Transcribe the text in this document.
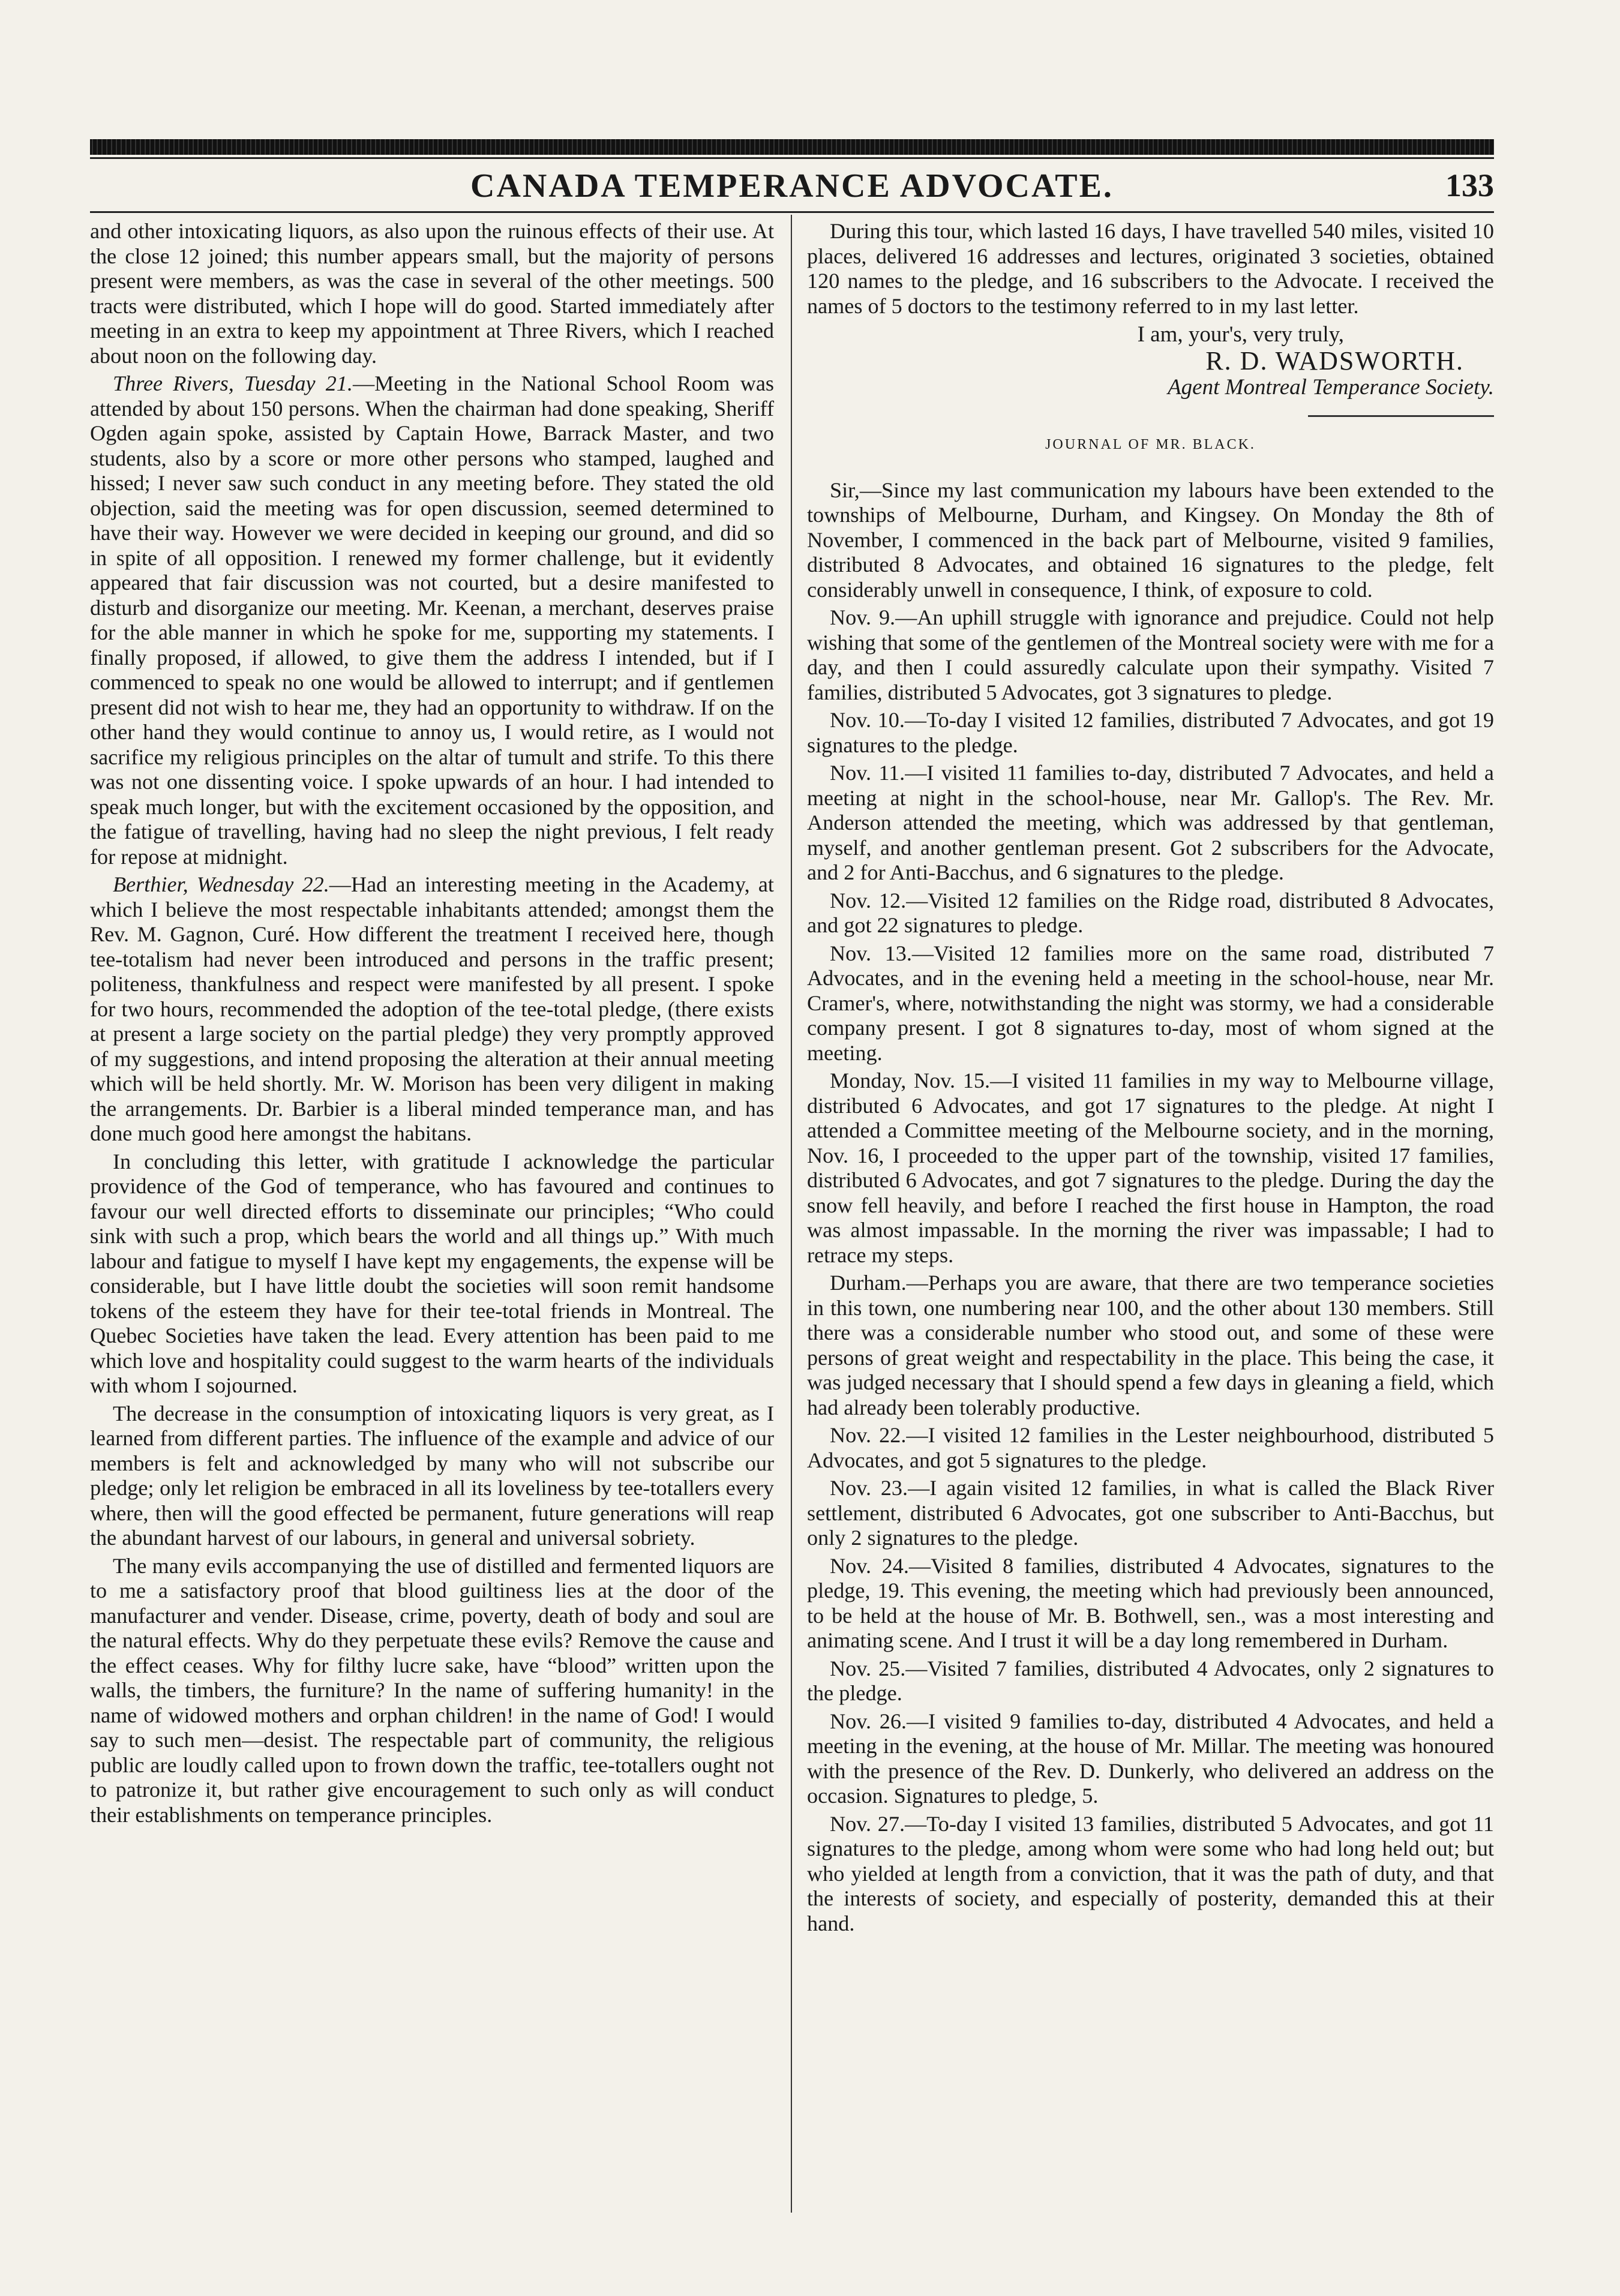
CANADA TEMPERANCE ADVOCATE.	133

and other intoxicating liquors, as also upon the ruinous effects of their use. At the close 12 joined; this number appears small, but the majority of persons present were members, as was the case in several of the other meetings. 500 tracts were distributed, which I hope will do good. Started immediately after meeting in an extra to keep my appointment at Three Rivers, which I reached about noon on the following day.

Three Rivers, Tuesday 21.—Meeting in the National School Room was attended by about 150 persons. When the chairman had done speaking, Sheriff Ogden again spoke, assisted by Captain Howe, Barrack Master, and two students, also by a score or more other persons who stamped, laughed and hissed; I never saw such conduct in any meeting before. They stated the old objection, said the meeting was for open discussion, seemed determined to have their way. However we were decided in keeping our ground, and did so in spite of all opposition. I renewed my former challenge, but it evidently appeared that fair discussion was not courted, but a desire manifested to disturb and disorganize our meeting. Mr. Keenan, a merchant, deserves praise for the able manner in which he spoke for me, supporting my statements. I finally proposed, if allowed, to give them the address I intended, but if I commenced to speak no one would be allowed to interrupt; and if gentlemen present did not wish to hear me, they had an opportunity to withdraw. If on the other hand they would continue to annoy us, I would retire, as I would not sacrifice my religious principles on the altar of tumult and strife. To this there was not one dissenting voice. I spoke upwards of an hour. I had intended to speak much longer, but with the excitement occasioned by the opposition, and the fatigue of travelling, having had no sleep the night previous, I felt ready for repose at midnight.

Berthier, Wednesday 22.—Had an interesting meeting in the Academy, at which I believe the most respectable inhabitants attended; amongst them the Rev. M. Gagnon, Curé. How different the treatment I received here, though tee-totalism had never been introduced and persons in the traffic present; politeness, thankfulness and respect were manifested by all present. I spoke for two hours, recommended the adoption of the tee-total pledge, (there exists at present a large society on the partial pledge) they very promptly approved of my suggestions, and intend proposing the alteration at their annual meeting which will be held shortly. Mr. W. Morison has been very diligent in making the arrangements. Dr. Barbier is a liberal minded temperance man, and has done much good here amongst the habitans.

In concluding this letter, with gratitude I acknowledge the particular providence of the God of temperance, who has favoured and continues to favour our well directed efforts to disseminate our principles; “Who could sink with such a prop, which bears the world and all things up.” With much labour and fatigue to myself I have kept my engagements, the expense will be considerable, but I have little doubt the societies will soon remit handsome tokens of the esteem they have for their tee-total friends in Montreal. The Quebec Societies have taken the lead. Every attention has been paid to me which love and hospitality could suggest to the warm hearts of the individuals with whom I sojourned.

The decrease in the consumption of intoxicating liquors is very great, as I learned from different parties. The influence of the example and advice of our members is felt and acknowledged by many who will not subscribe our pledge; only let religion be embraced in all its loveliness by tee-totallers every where, then will the good effected be permanent, future generations will reap the abundant harvest of our labours, in general and universal sobriety.

The many evils accompanying the use of distilled and fermented liquors are to me a satisfactory proof that blood guiltiness lies at the door of the manufacturer and vender. Disease, crime, poverty, death of body and soul are the natural effects. Why do they perpetuate these evils? Remove the cause and the effect ceases. Why for filthy lucre sake, have “blood” written upon the walls, the timbers, the furniture? In the name of suffering humanity! in the name of widowed mothers and orphan children! in the name of God! I would say to such men—desist. The respectable part of community, the religious public are loudly called upon to frown down the traffic, tee-totallers ought not to patronize it, but rather give encouragement to such only as will conduct their establishments on temperance principles.

During this tour, which lasted 16 days, I have travelled 540 miles, visited 10 places, delivered 16 addresses and lectures, originated 3 societies, obtained 120 names to the pledge, and 16 subscribers to the Advocate. I received the names of 5 doctors to the testimony referred to in my last letter.

I am, your's, very truly,
R. D. WADSWORTH.
Agent Montreal Temperance Society.
JOURNAL OF MR. BLACK.

Sir,—Since my last communication my labours have been extended to the townships of Melbourne, Durham, and Kingsey. On Monday the 8th of November, I commenced in the back part of Melbourne, visited 9 families, distributed 8 Advocates, and obtained 16 signatures to the pledge, felt considerably unwell in consequence, I think, of exposure to cold.

Nov. 9.—An uphill struggle with ignorance and prejudice. Could not help wishing that some of the gentlemen of the Montreal society were with me for a day, and then I could assuredly calculate upon their sympathy. Visited 7 families, distributed 5 Advocates, got 3 signatures to pledge.

Nov. 10.—To-day I visited 12 families, distributed 7 Advocates, and got 19 signatures to the pledge.

Nov. 11.—I visited 11 families to-day, distributed 7 Advocates, and held a meeting at night in the school-house, near Mr. Gallop's. The Rev. Mr. Anderson attended the meeting, which was addressed by that gentleman, myself, and another gentleman present. Got 2 subscribers for the Advocate, and 2 for Anti-Bacchus, and 6 signatures to the pledge.

Nov. 12.—Visited 12 families on the Ridge road, distributed 8 Advocates, and got 22 signatures to pledge.

Nov. 13.—Visited 12 families more on the same road, distributed 7 Advocates, and in the evening held a meeting in the school-house, near Mr. Cramer's, where, notwithstanding the night was stormy, we had a considerable company present. I got 8 signatures to-day, most of whom signed at the meeting.

Monday, Nov. 15.—I visited 11 families in my way to Melbourne village, distributed 6 Advocates, and got 17 signatures to the pledge. At night I attended a Committee meeting of the Melbourne society, and in the morning, Nov. 16, I proceeded to the upper part of the township, visited 17 families, distributed 6 Advocates, and got 7 signatures to the pledge. During the day the snow fell heavily, and before I reached the first house in Hampton, the road was almost impassable. In the morning the river was impassable; I had to retrace my steps.

Durham.—Perhaps you are aware, that there are two temperance societies in this town, one numbering near 100, and the other about 130 members. Still there was a considerable number who stood out, and some of these were persons of great weight and respectability in the place. This being the case, it was judged necessary that I should spend a few days in gleaning a field, which had already been tolerably productive.

Nov. 22.—I visited 12 families in the Lester neighbourhood, distributed 5 Advocates, and got 5 signatures to the pledge.

Nov. 23.—I again visited 12 families, in what is called the Black River settlement, distributed 6 Advocates, got one subscriber to Anti-Bacchus, but only 2 signatures to the pledge.

Nov. 24.—Visited 8 families, distributed 4 Advocates, signatures to the pledge, 19. This evening, the meeting which had previously been announced, to be held at the house of Mr. B. Bothwell, sen., was a most interesting and animating scene. And I trust it will be a day long remembered in Durham.

Nov. 25.—Visited 7 families, distributed 4 Advocates, only 2 signatures to the pledge.

Nov. 26.—I visited 9 families to-day, distributed 4 Advocates, and held a meeting in the evening, at the house of Mr. Millar. The meeting was honoured with the presence of the Rev. D. Dunkerly, who delivered an address on the occasion. Signatures to pledge, 5.

Nov. 27.—To-day I visited 13 families, distributed 5 Advocates, and got 11 signatures to the pledge, among whom were some who had long held out; but who yielded at length from a conviction, that it was the path of duty, and that the interests of society, and especially of posterity, demanded this at their hand.
